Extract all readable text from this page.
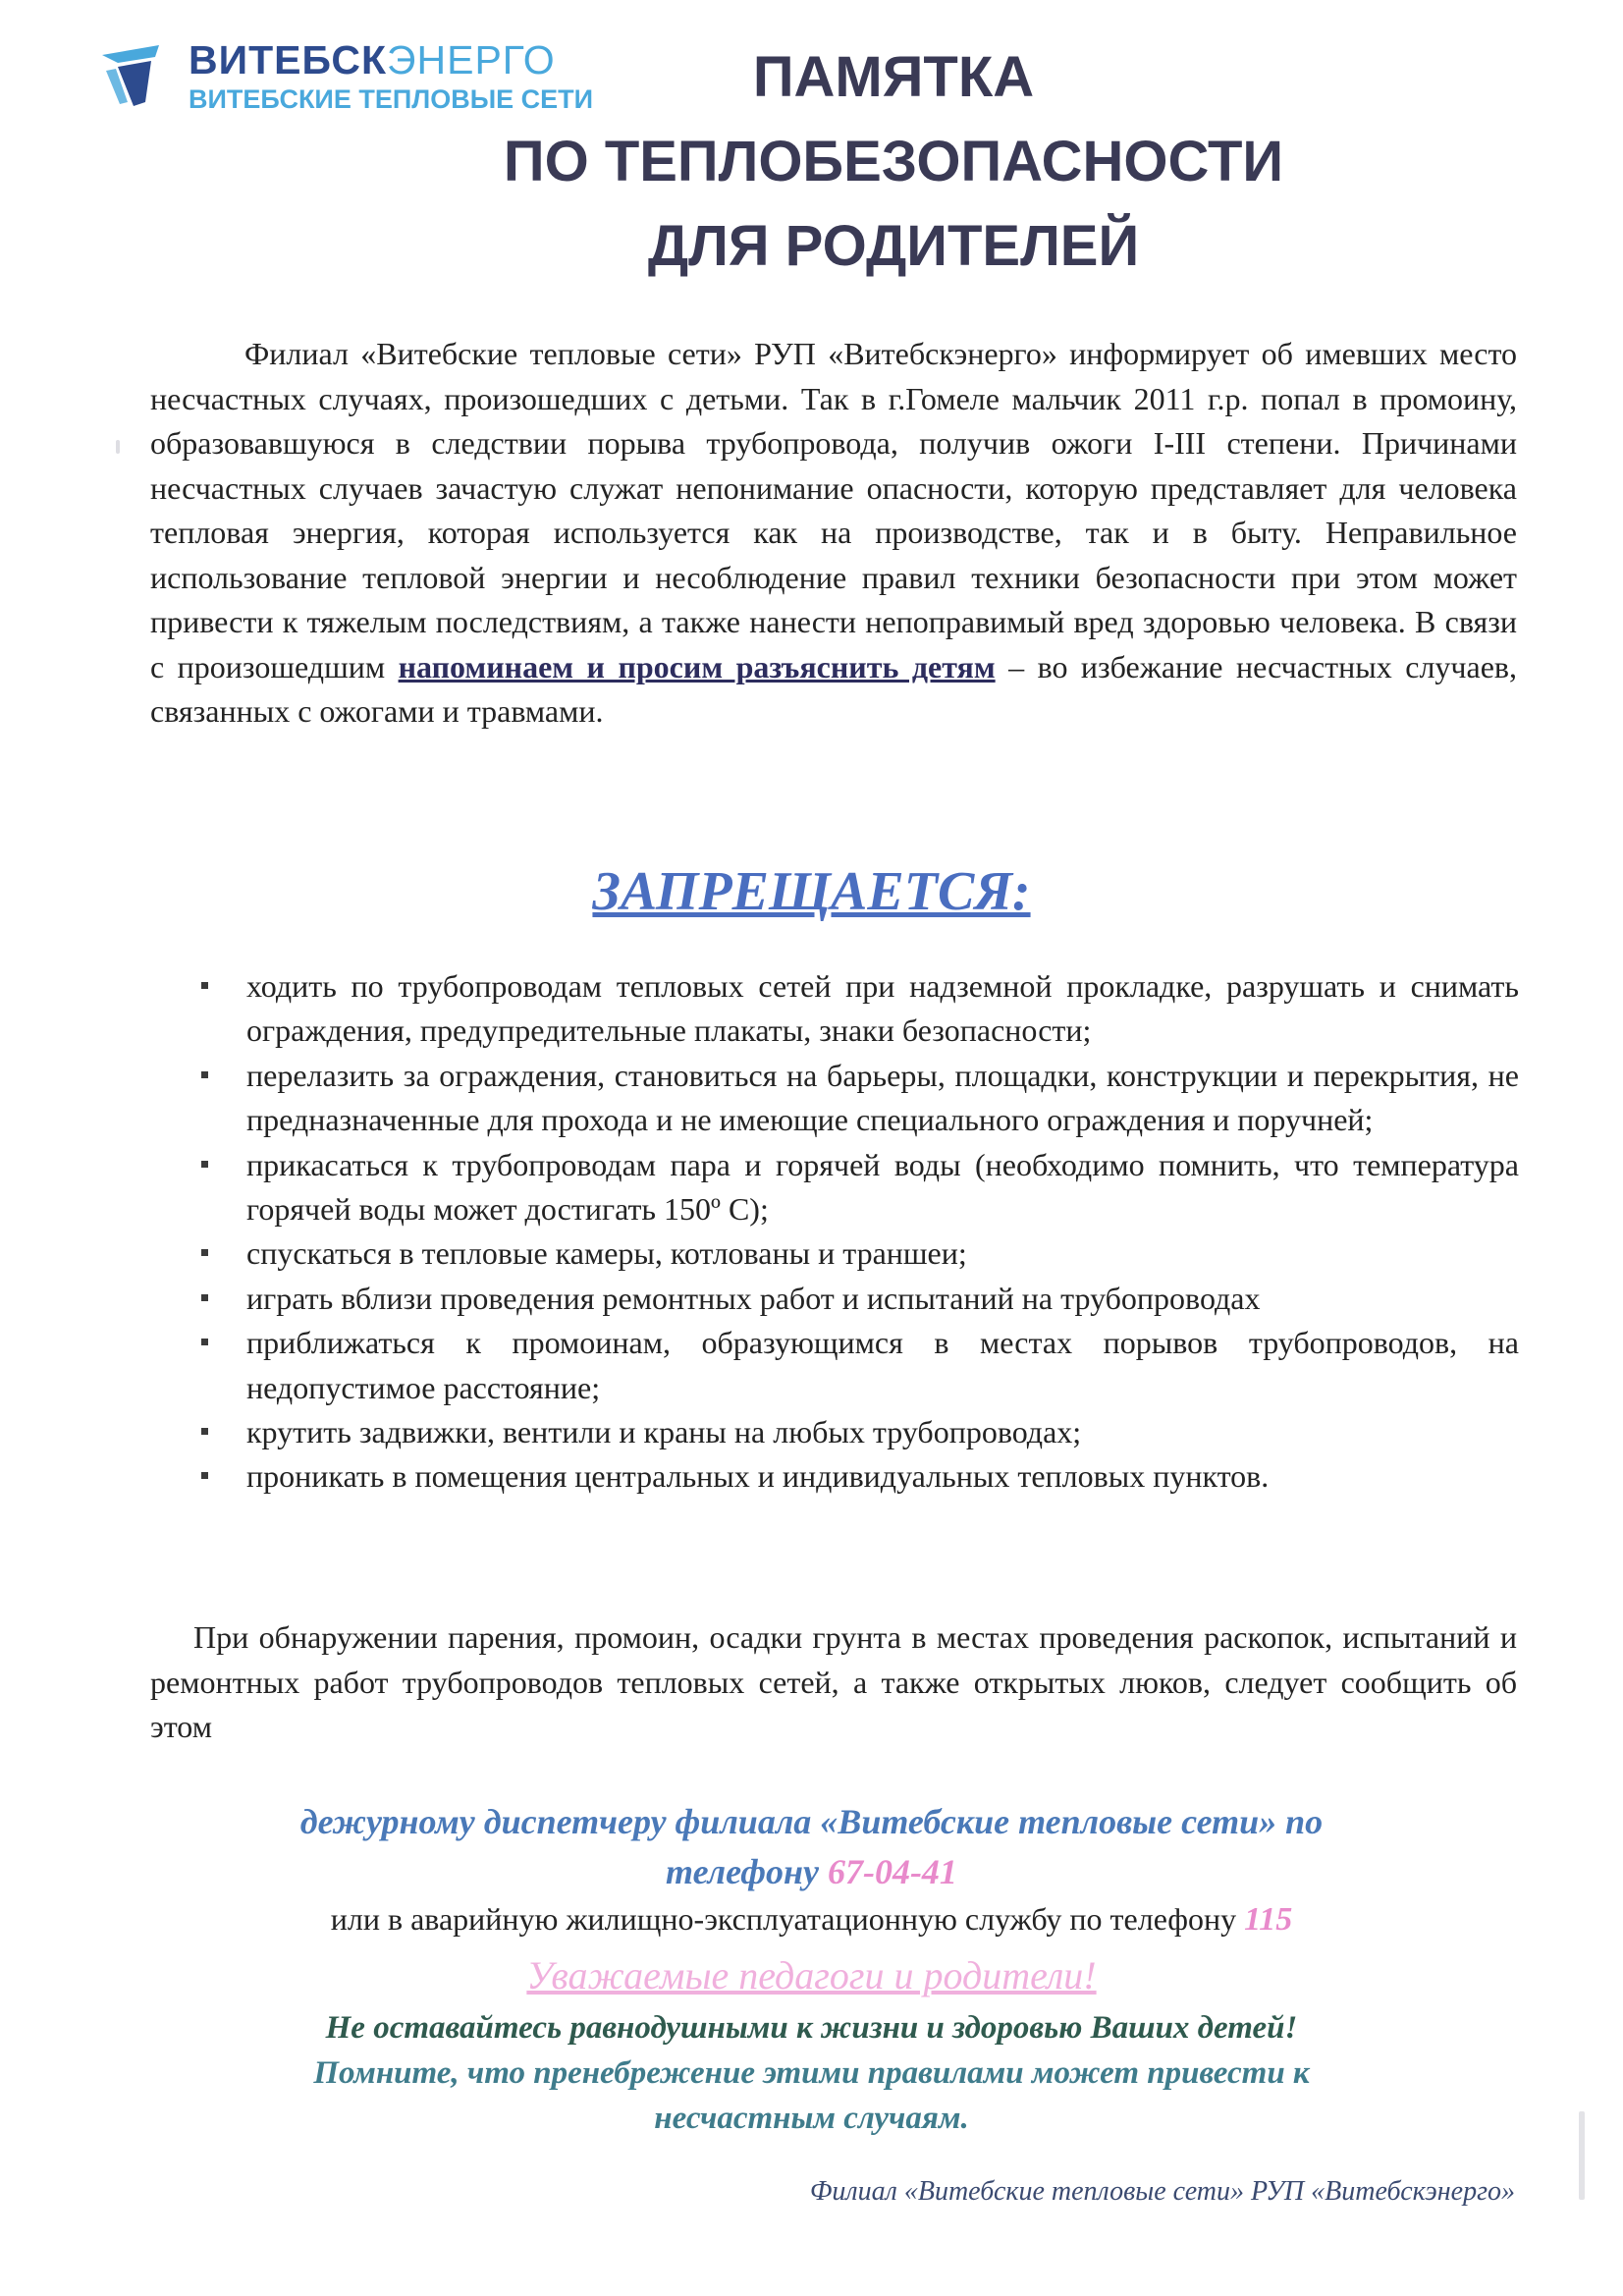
ВИТЕБСКЭНЕРГО
ВИТЕБСКИЕ ТЕПЛОВЫЕ СЕТИ	ПАМЯТКА
ПО ТЕПЛОБЕЗОПАСНОСТИ
ДЛЯ РОДИТЕЛЕЙ
Филиал «Витебские тепловые сети» РУП «Витебскэнерго» информирует об имевших место несчастных случаях, произошедших с детьми. Так в г.Гомеле мальчик 2011 г.р. попал в промоину, образовавшуюся в следствии порыва трубопровода, получив ожоги I-III степени. Причинами несчастных случаев зачастую служат непонимание опасности, которую представляет для человека тепловая энергия, которая используется как на производстве, так и в быту. Неправильное использование тепловой энергии и несоблюдение правил техники безопасности при этом может привести к тяжелым последствиям, а также нанести непоправимый вред здоровью человека. В связи с произошедшим напоминаем и просим разъяснить детям – во избежание несчастных случаев, связанных с ожогами и травмами.
ЗАПРЕЩАЕТСЯ:
ходить по трубопроводам тепловых сетей при надземной прокладке, разрушать и снимать ограждения, предупредительные плакаты, знаки безопасности;
перелазить за ограждения, становиться на барьеры, площадки, конструкции и перекрытия, не предназначенные для прохода и не имеющие специального ограждения и поручней;
прикасаться к трубопроводам пара и горячей воды (необходимо помнить, что температура горячей воды может достигать 150º С);
спускаться в тепловые камеры, котлованы и траншеи;
играть вблизи проведения ремонтных работ и испытаний на трубопроводах
приближаться к промоинам, образующимся в местах порывов трубопроводов, на недопустимое расстояние;
крутить задвижки, вентили и краны на любых трубопроводах;
проникать в помещения центральных и индивидуальных тепловых пунктов.
При обнаружении парения, промоин, осадки грунта в местах проведения раскопок, испытаний и ремонтных работ трубопроводов тепловых сетей, а также открытых люков, следует сообщить об этом
дежурному диспетчеру филиала «Витебские тепловые сети» по
телефону 67-04-41
или в аварийную жилищно-эксплуатационную службу по телефону 115
Уважаемые педагоги и родители!
Не оставайтесь равнодушными к жизни и здоровью Ваших детей!
Помните, что пренебрежение этими правилами может привести к
несчастным случаям.
Филиал «Витебские тепловые сети» РУП «Витебскэнерго»
